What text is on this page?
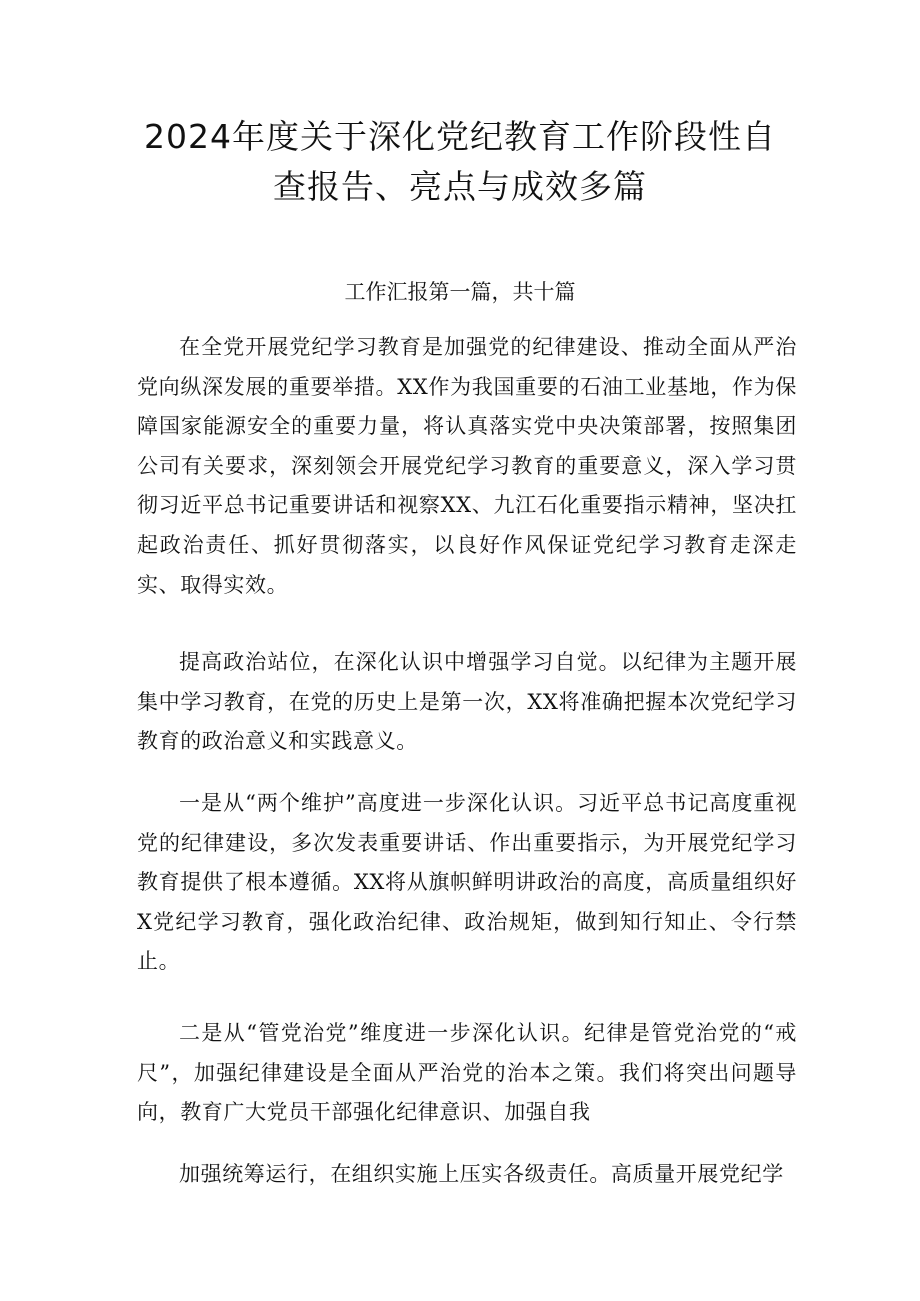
2024年度关于深化党纪教育工作阶段性自
查报告、亮点与成效多篇

工作汇报第一篇，共十篇

在全党开展党纪学习教育是加强党的纪律建设、推动全面从严治党向纵深发展的重要举措。XX作为我国重要的石油工业基地，作为保障国家能源安全的重要力量，将认真落实党中央决策部署，按照集团公司有关要求，深刻领会开展党纪学习教育的重要意义，深入学习贯彻习近平总书记重要讲话和视察XX、九江石化重要指示精神，坚决扛起政治责任、抓好贯彻落实，以良好作风保证党纪学习教育走深走实、取得实效。

提高政治站位，在深化认识中增强学习自觉。以纪律为主题开展集中学习教育，在党的历史上是第一次，XX将准确把握本次党纪学习教育的政治意义和实践意义。

一是从“两个维护”高度进一步深化认识。习近平总书记高度重视党的纪律建设，多次发表重要讲话、作出重要指示，为开展党纪学习教育提供了根本遵循。XX将从旗帜鲜明讲政治的高度，高质量组织好X党纪学习教育，强化政治纪律、政治规矩，做到知行知止、令行禁止。

二是从“管党治党”维度进一步深化认识。纪律是管党治党的“戒尺”，加强纪律建设是全面从严治党的治本之策。我们将突出问题导向，教育广大党员干部强化纪律意识、加强自我

加强统筹运行，在组织实施上压实各级责任。高质量开展党纪学
